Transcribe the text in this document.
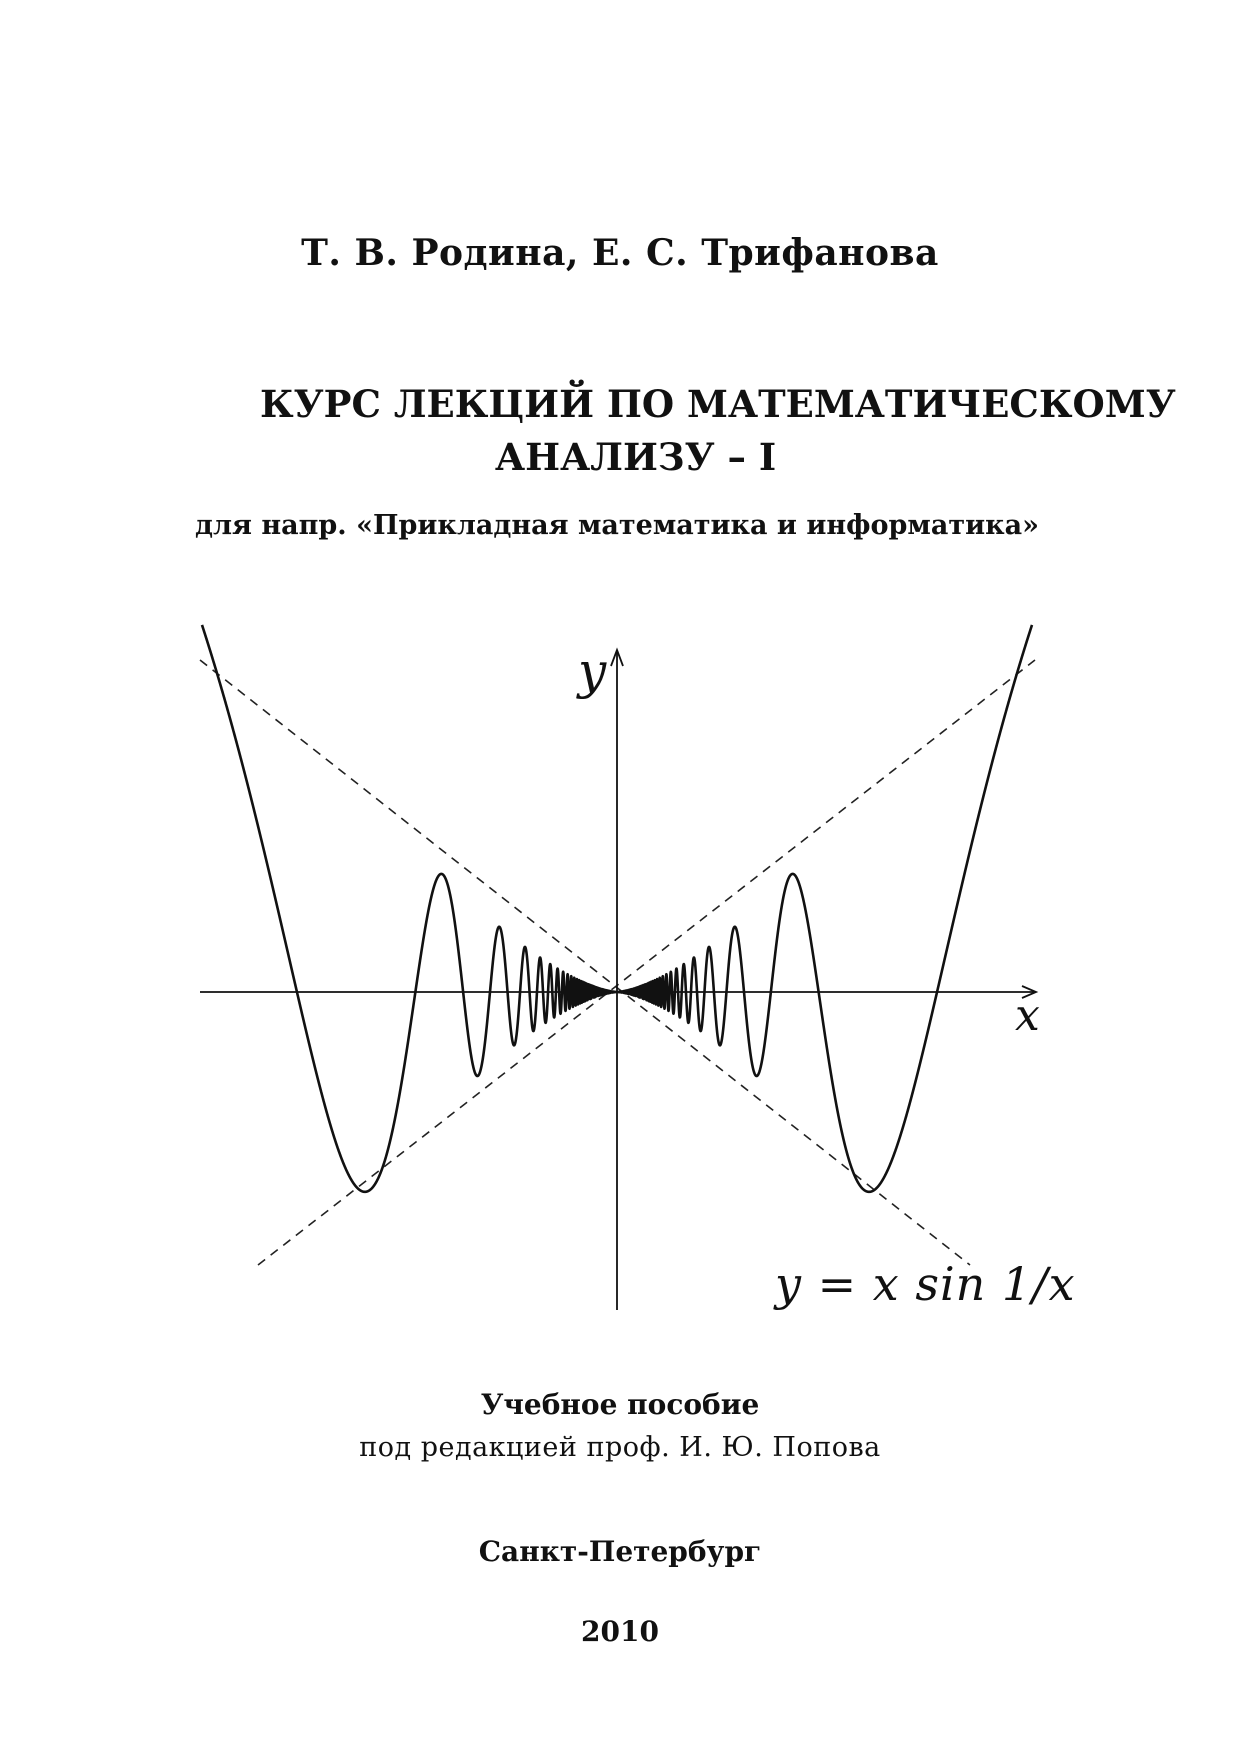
Т. В. Родина, Е. С. Трифанова
КУРС ЛЕКЦИЙ ПО МАТЕМАТИЧЕСКОМУ
АНАЛИЗУ – I
для напр. «Прикладная математика и информатика»
y
x
y = x sin 1/x
Учебное пособие
под редакцией проф. И. Ю. Попова
Санкт-Петербург
2010
